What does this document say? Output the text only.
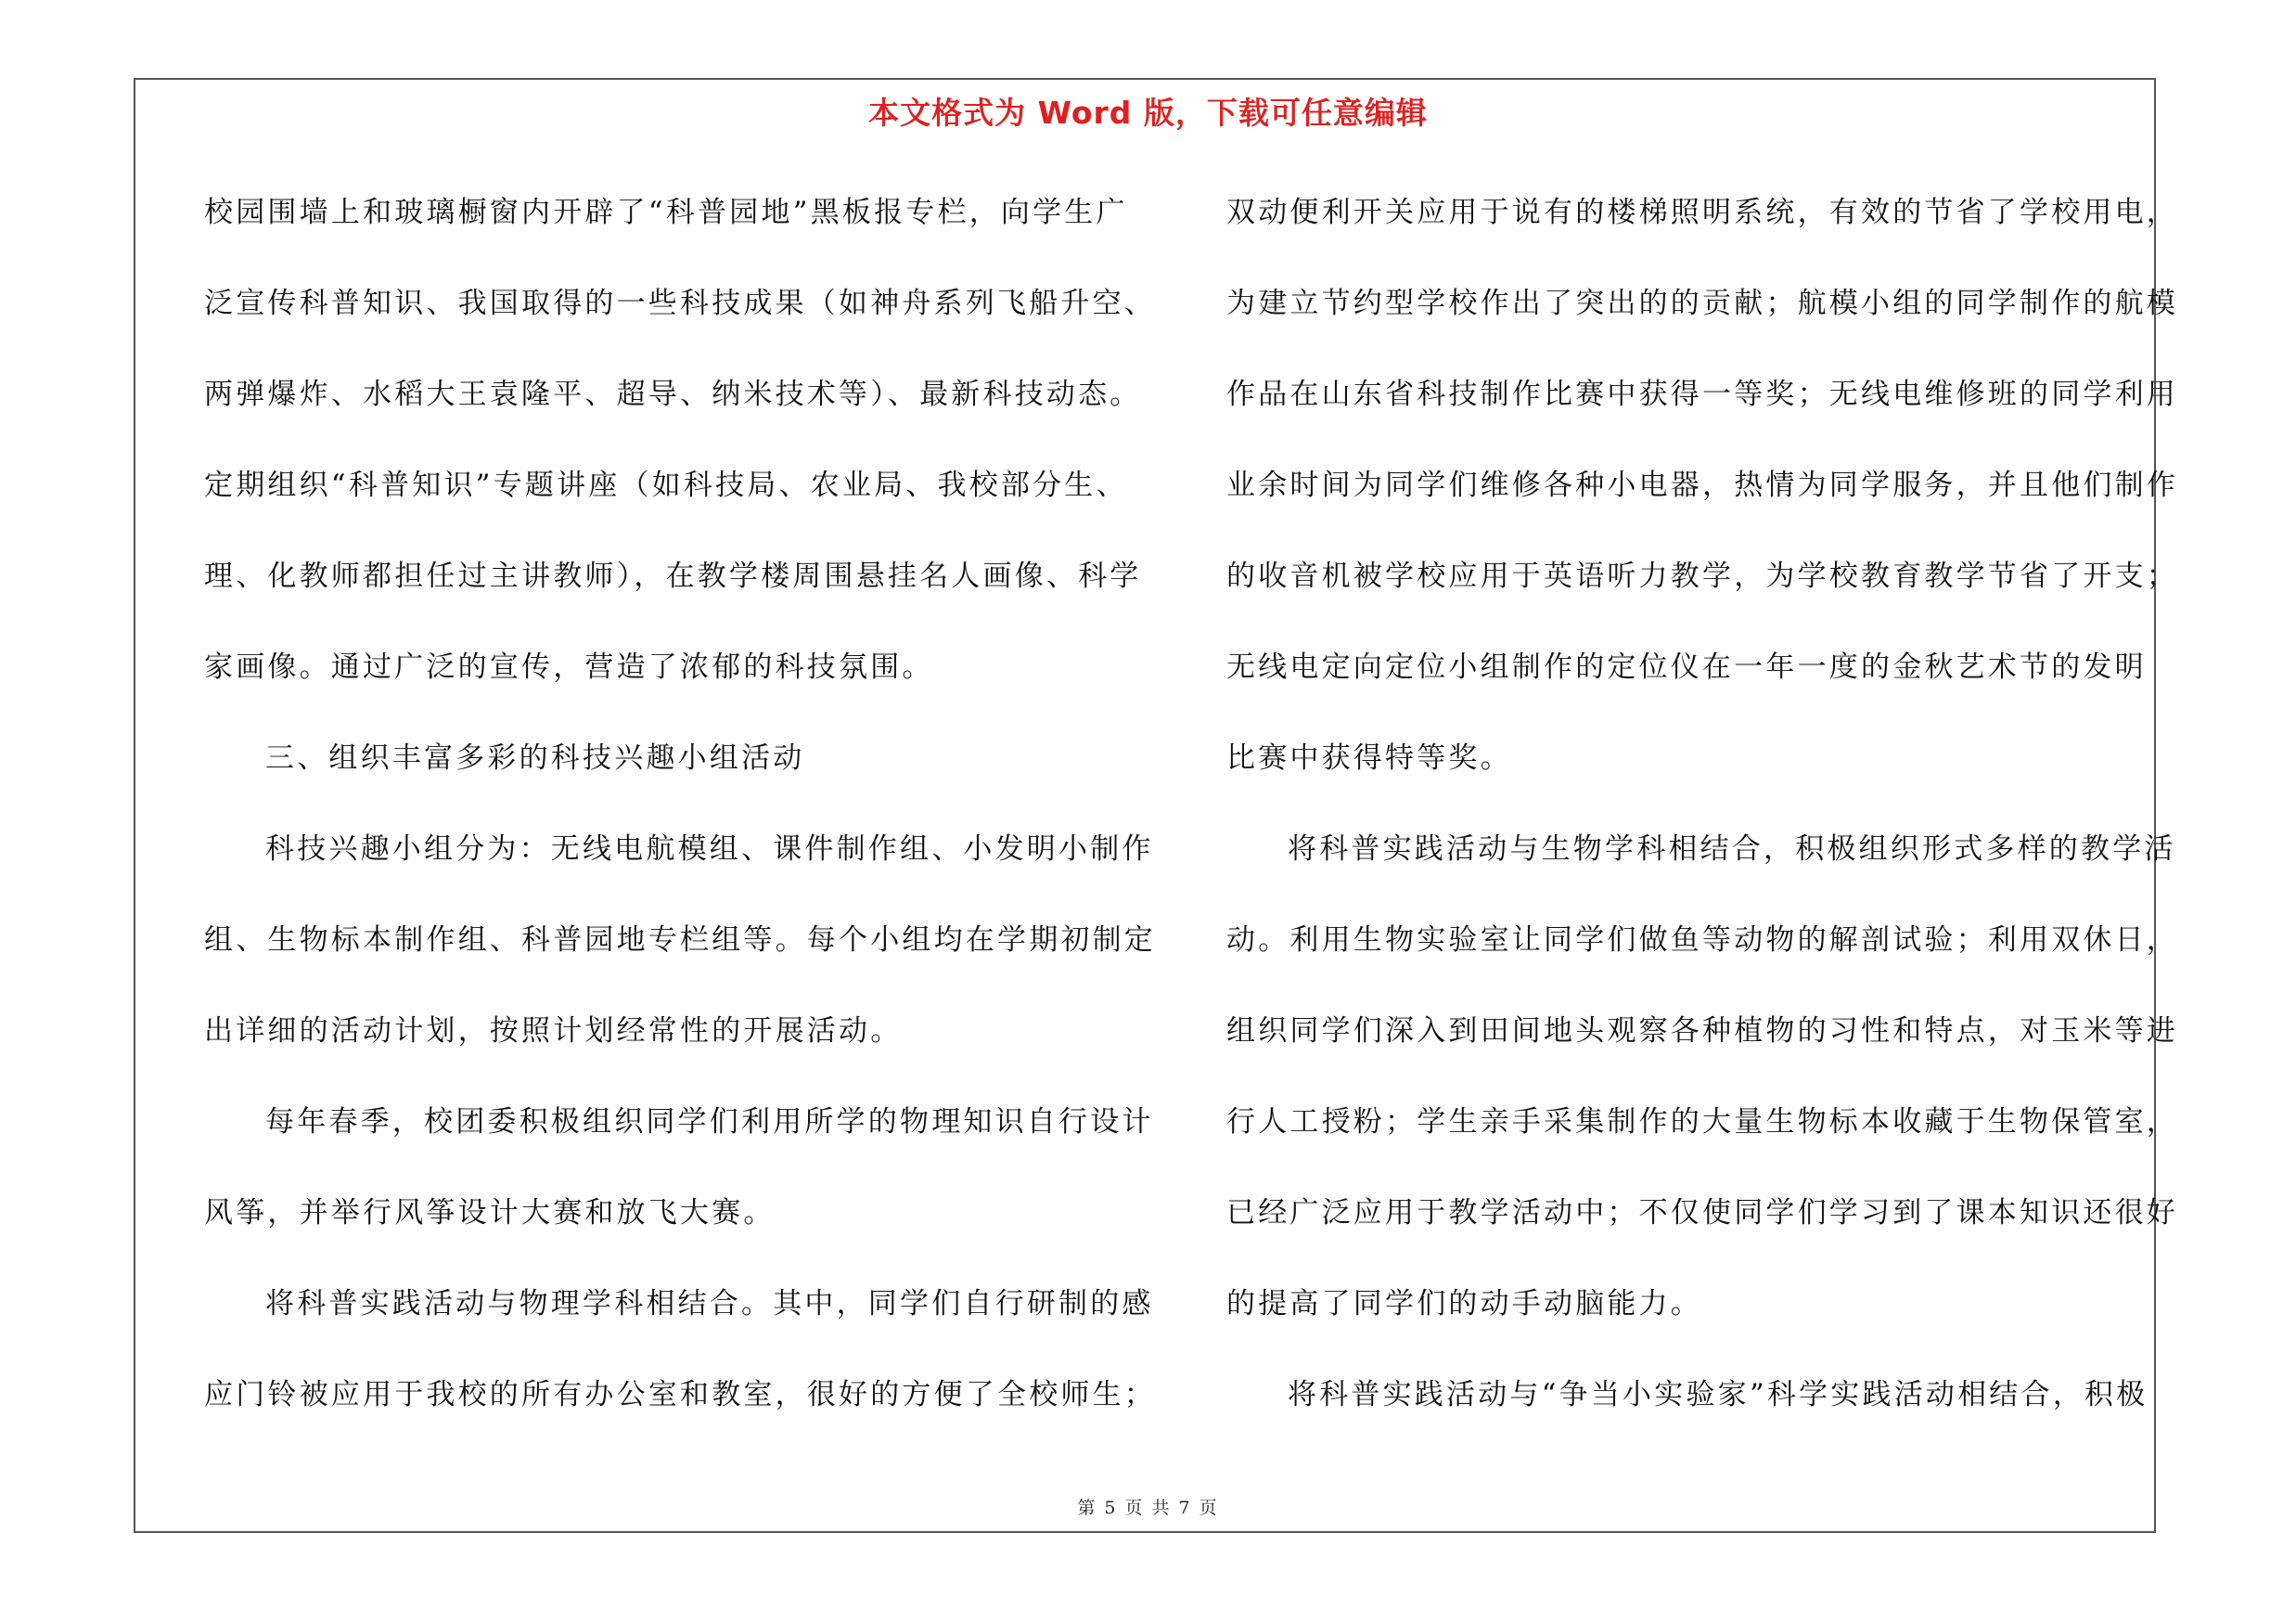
本文格式为 Word 版，下载可任意编辑
校园围墙上和玻璃橱窗内开辟了“科普园地”黑板报专栏，向学生广
泛宣传科普知识、我国取得的一些科技成果（如神舟系列飞船升空、
两弹爆炸、水稻大王袁隆平、超导、纳米技术等）、最新科技动态。
定期组织“科普知识”专题讲座（如科技局、农业局、我校部分生、
理、化教师都担任过主讲教师），在教学楼周围悬挂名人画像、科学
家画像。通过广泛的宣传，营造了浓郁的科技氛围。
三、组织丰富多彩的科技兴趣小组活动
科技兴趣小组分为：无线电航模组、课件制作组、小发明小制作
组、生物标本制作组、科普园地专栏组等。每个小组均在学期初制定
出详细的活动计划，按照计划经常性的开展活动。
每年春季，校团委积极组织同学们利用所学的物理知识自行设计
风筝，并举行风筝设计大赛和放飞大赛。
将科普实践活动与物理学科相结合。其中，同学们自行研制的感
应门铃被应用于我校的所有办公室和教室，很好的方便了全校师生；
双动便利开关应用于说有的楼梯照明系统，有效的节省了学校用电，
为建立节约型学校作出了突出的的贡献；航模小组的同学制作的航模
作品在山东省科技制作比赛中获得一等奖；无线电维修班的同学利用
业余时间为同学们维修各种小电器，热情为同学服务，并且他们制作
的收音机被学校应用于英语听力教学，为学校教育教学节省了开支；
无线电定向定位小组制作的定位仪在一年一度的金秋艺术节的发明
比赛中获得特等奖。
将科普实践活动与生物学科相结合，积极组织形式多样的教学活
动。利用生物实验室让同学们做鱼等动物的解剖试验；利用双休日，
组织同学们深入到田间地头观察各种植物的习性和特点，对玉米等进
行人工授粉；学生亲手采集制作的大量生物标本收藏于生物保管室，
已经广泛应用于教学活动中；不仅使同学们学习到了课本知识还很好
的提高了同学们的动手动脑能力。
将科普实践活动与“争当小实验家”科学实践活动相结合，积极
第 5 页 共 7 页
